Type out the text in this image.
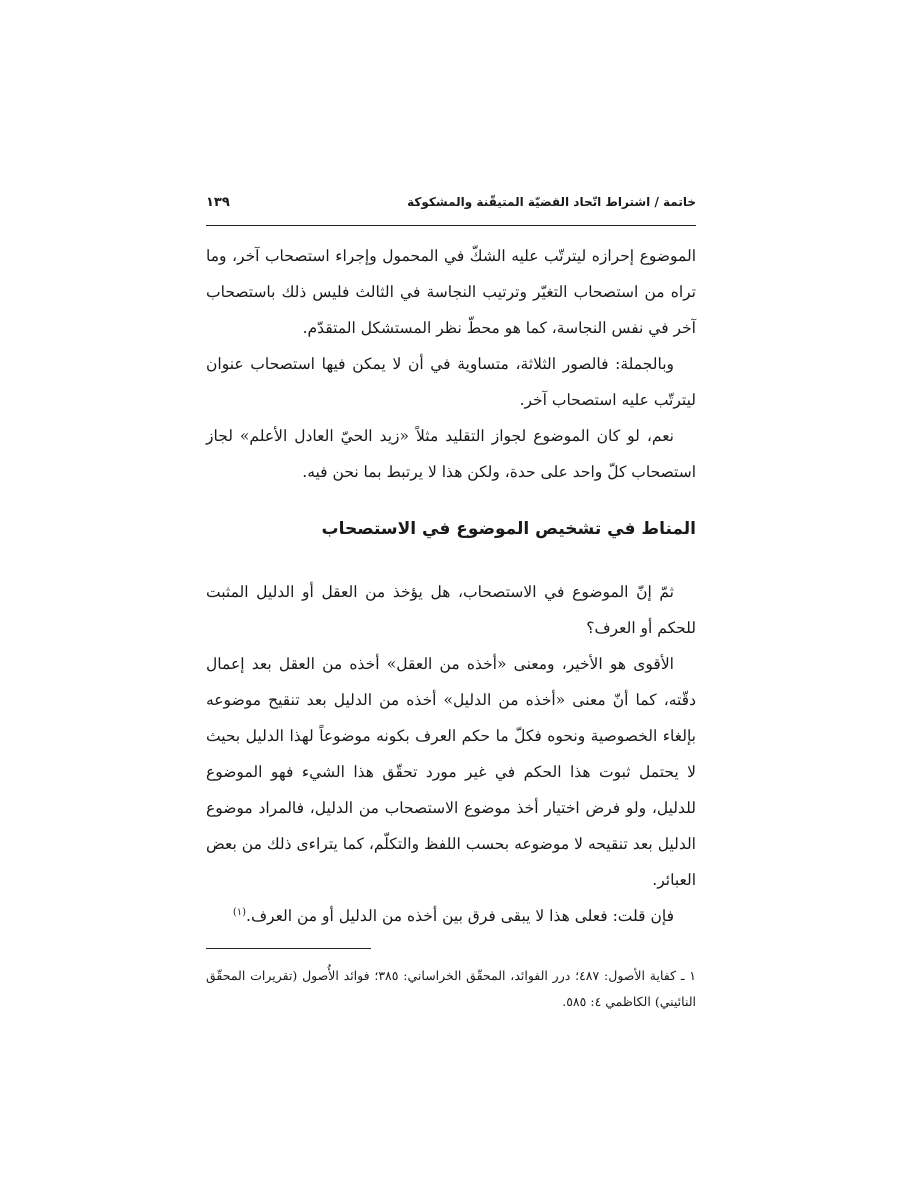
خاتمة / اشتراط اتّحاد القضيّة المتيقّنة والمشكوكة
١٣٩

الموضوع إحرازه ليترتّب عليه الشكّ في المحمول وإجراء استصحاب آخر، وما تراه من استصحاب التغيّر وترتيب النجاسة في الثالث فليس ذلك باستصحاب آخر في نفس النجاسة، كما هو محطّ نظر المستشكل المتقدّم.

وبالجملة: فالصور الثلاثة، متساوية في أن لا يمكن فيها استصحاب عنوان ليترتّب عليه استصحاب آخر.

نعم، لو كان الموضوع لجواز التقليد مثلاً «زيد الحيّ العادل الأعلم» لجاز استصحاب كلّ واحد على حدة، ولكن هذا لا يرتبط بما نحن فيه.

المناط في تشخيص الموضوع في الاستصحاب

ثمّ إنّ الموضوع في الاستصحاب، هل يؤخذ من العقل أو الدليل المثبت للحكم أو العرف؟

الأقوى هو الأخير، ومعنى «أخذه من العقل» أخذه من العقل بعد إعمال دقّته، كما أنّ معنى «أخذه من الدليل» أخذه من الدليل بعد تنقيح موضوعه بإلغاء الخصوصية ونحوه فكلّ ما حكم العرف بكونه موضوعاً لهذا الدليل بحيث لا يحتمل ثبوت هذا الحكم في غير مورد تحقّق هذا الشيء فهو الموضوع للدليل، ولو فرض اختيار أخذ موضوع الاستصحاب من الدليل، فالمراد موضوع الدليل بعد تنقيحه لا موضوعه بحسب اللفظ والتكلّم، كما يتراءى ذلك من بعض العبائر.

فإن قلت: فعلى هذا لا يبقى فرق بين أخذه من الدليل أو من العرف.$^{(١)}$

١ ـ كفاية الأصول: ٤٨٧؛ درر الفوائد، المحقّق الخراساني: ٣٨٥؛ فوائد الأُصول (تقريرات المحقّق النائيني) الكاظمي ٤: ٥٨٥.
